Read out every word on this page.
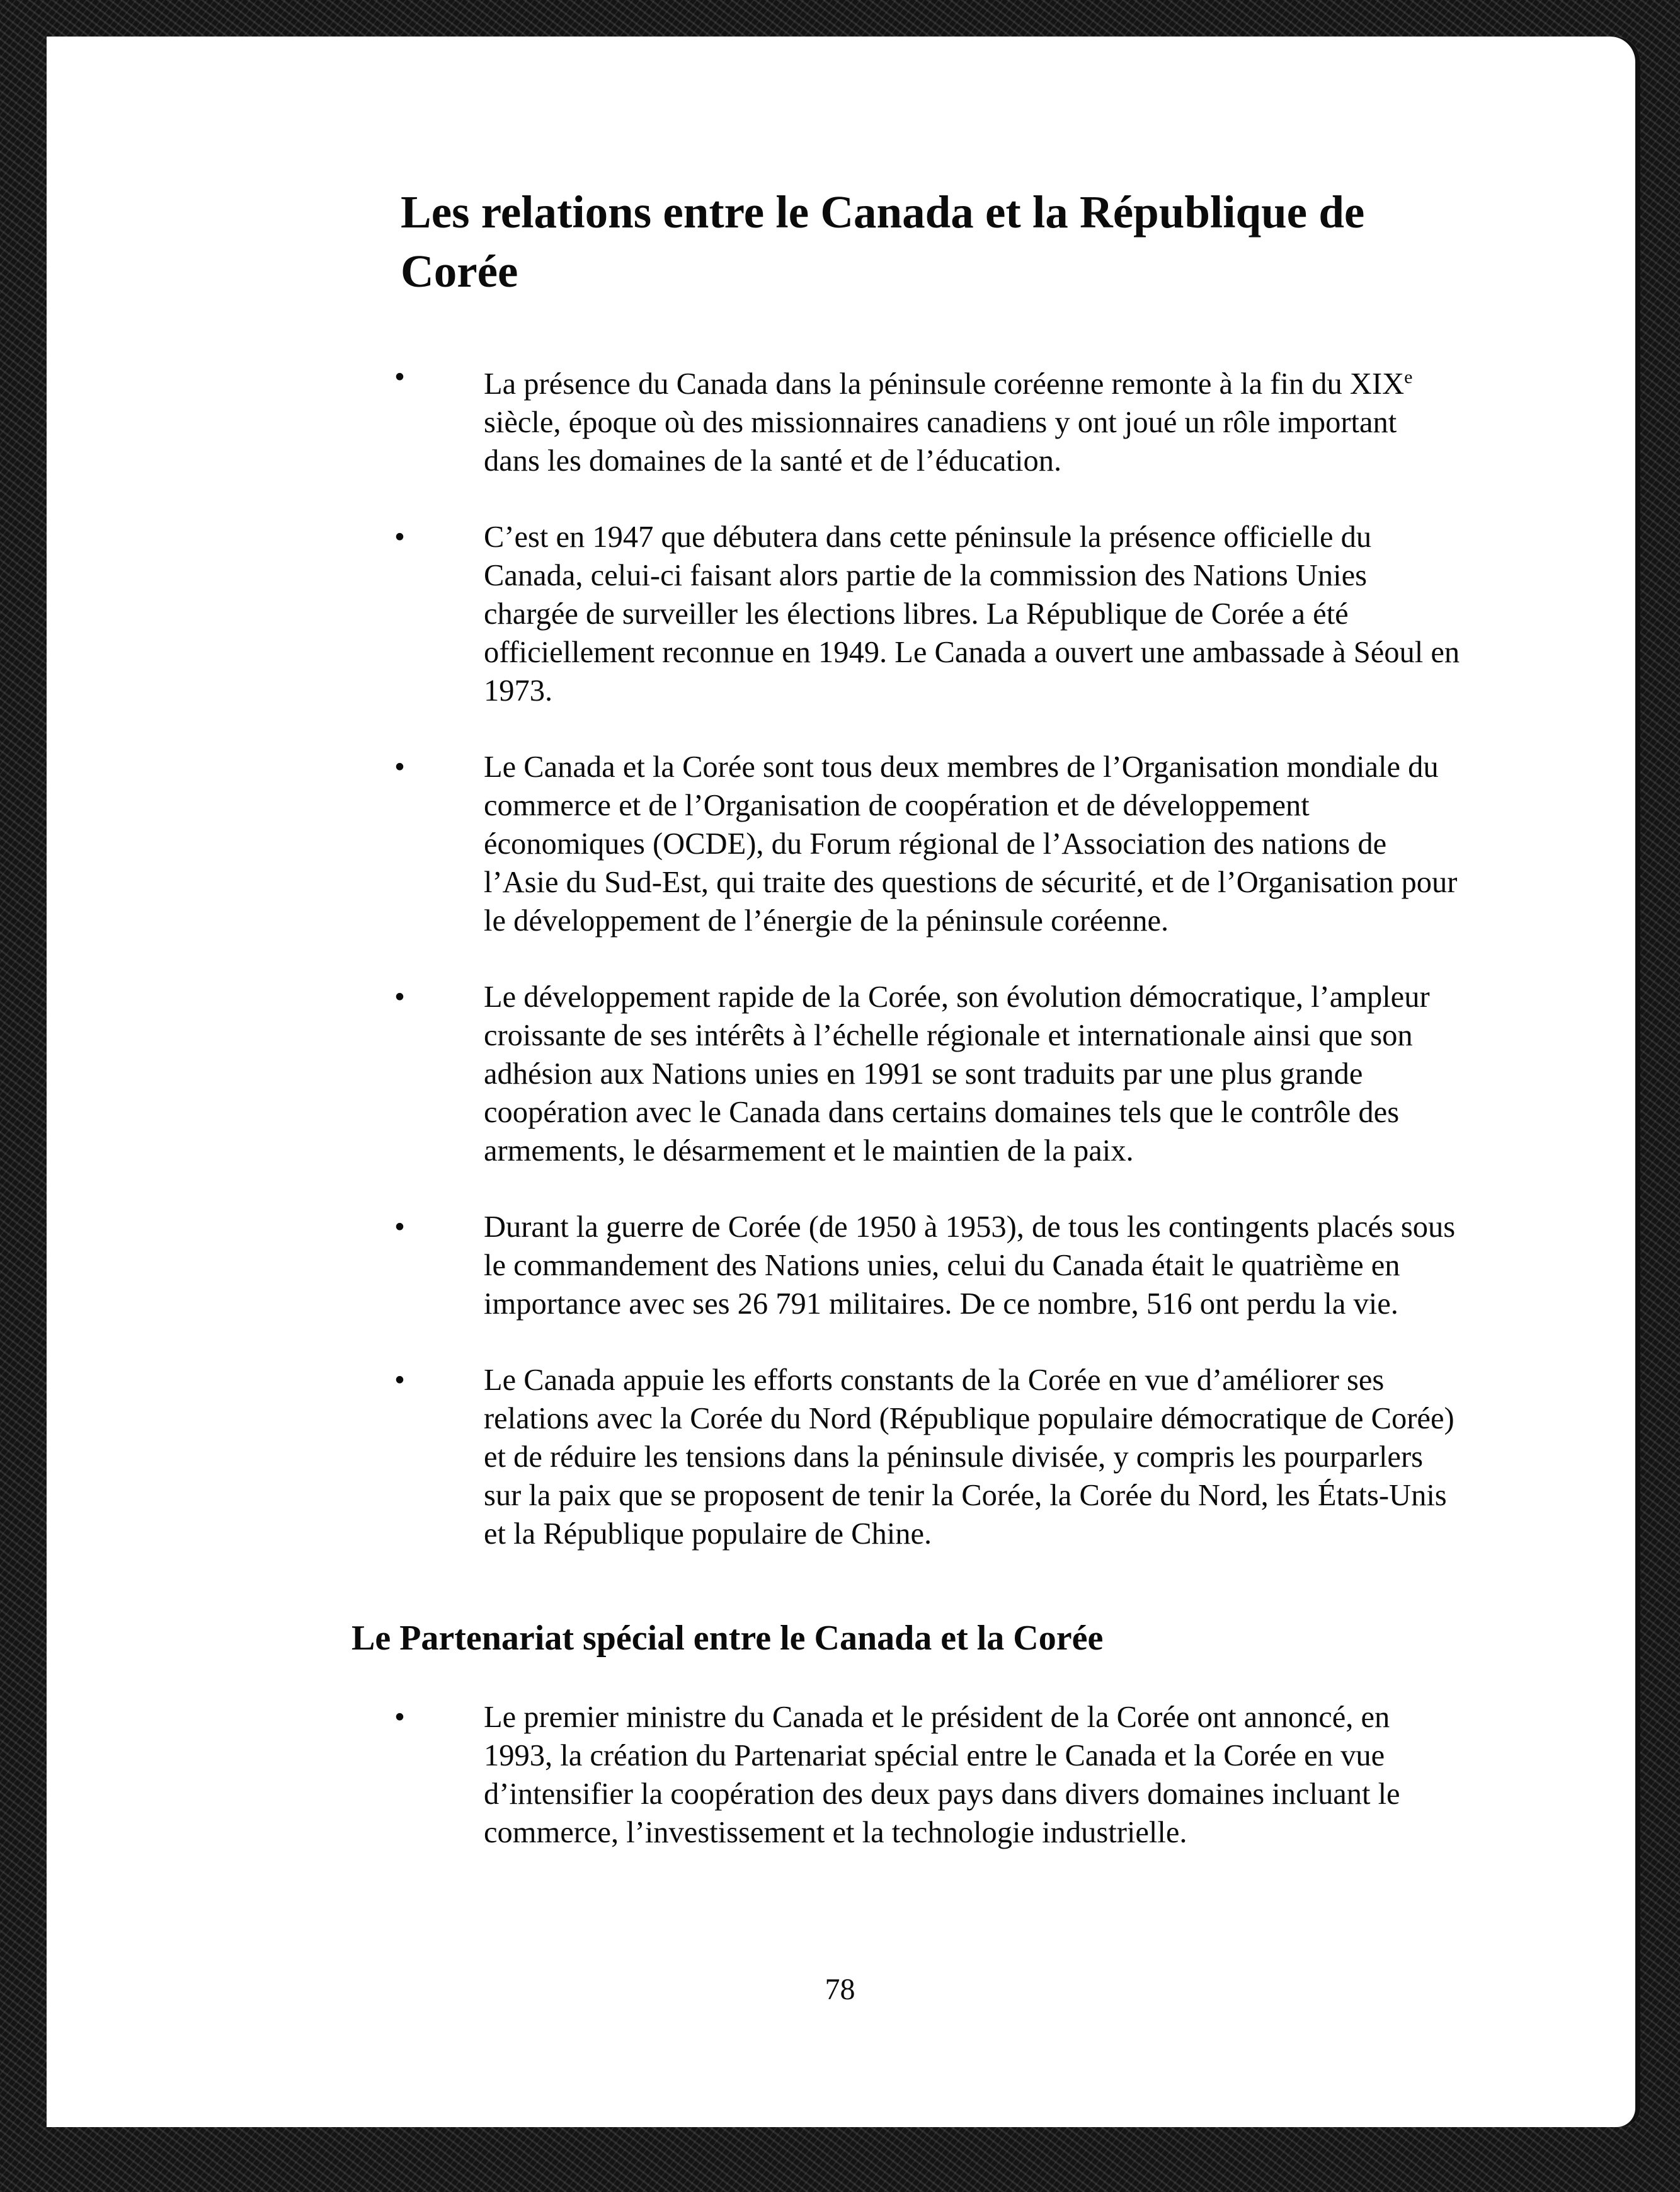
Les relations entre le Canada et la République de Corée
•	La présence du Canada dans la péninsule coréenne remonte à la fin du XIXe siècle, époque où des missionnaires canadiens y ont joué un rôle important dans les domaines de la santé et de l’éducation.
•	C’est en 1947 que débutera dans cette péninsule la présence officielle du Canada, celui-ci faisant alors partie de la commission des Nations Unies chargée de surveiller les élections libres. La République de Corée a été officiellement reconnue en 1949. Le Canada a ouvert une ambassade à Séoul en 1973.
•	Le Canada et la Corée sont tous deux membres de l’Organisation mondiale du commerce et de l’Organisation de coopération et de développement économiques (OCDE), du Forum régional de l’Association des nations de l’Asie du Sud-Est, qui traite des questions de sécurité, et de l’Organisation pour le développement de l’énergie de la péninsule coréenne.
•	Le développement rapide de la Corée, son évolution démocratique, l’ampleur croissante de ses intérêts à l’échelle régionale et internationale ainsi que son adhésion aux Nations unies en 1991 se sont traduits par une plus grande coopération avec le Canada dans certains domaines tels que le contrôle des armements, le désarmement et le maintien de la paix.
•	Durant la guerre de Corée (de 1950 à 1953), de tous les contingents placés sous le commandement des Nations unies, celui du Canada était le quatrième en importance avec ses 26 791 militaires. De ce nombre, 516 ont perdu la vie.
•	Le Canada appuie les efforts constants de la Corée en vue d’améliorer ses relations avec la Corée du Nord (République populaire démocratique de Corée) et de réduire les tensions dans la péninsule divisée, y compris les pourparlers sur la paix que se proposent de tenir la Corée, la Corée du Nord, les États-Unis et la République populaire de Chine.
Le Partenariat spécial entre le Canada et la Corée
•	Le premier ministre du Canada et le président de la Corée ont annoncé, en 1993, la création du Partenariat spécial entre le Canada et la Corée en vue d’intensifier la coopération des deux pays dans divers domaines incluant le commerce, l’investissement et la technologie industrielle.
78
